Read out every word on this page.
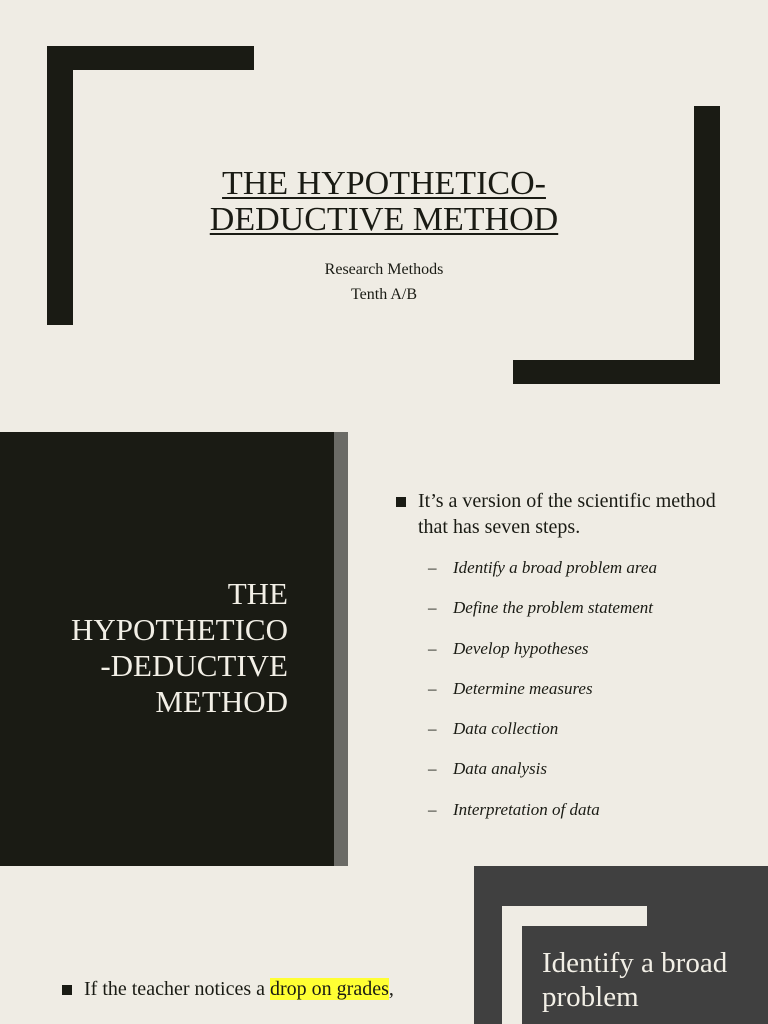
THE HYPOTHETICO-
DEDUCTIVE METHOD
Research Methods
Tenth A/B
THE
HYPOTHETICO
-DEDUCTIVE
METHOD
It’s a version of the scientific method that has seven steps.
– Identify a broad problem area
– Define the problem statement
– Develop hypotheses
– Determine measures
– Data collection
– Data analysis
– Interpretation of data
Identify a broad problem
If the teacher notices a drop on grades,
